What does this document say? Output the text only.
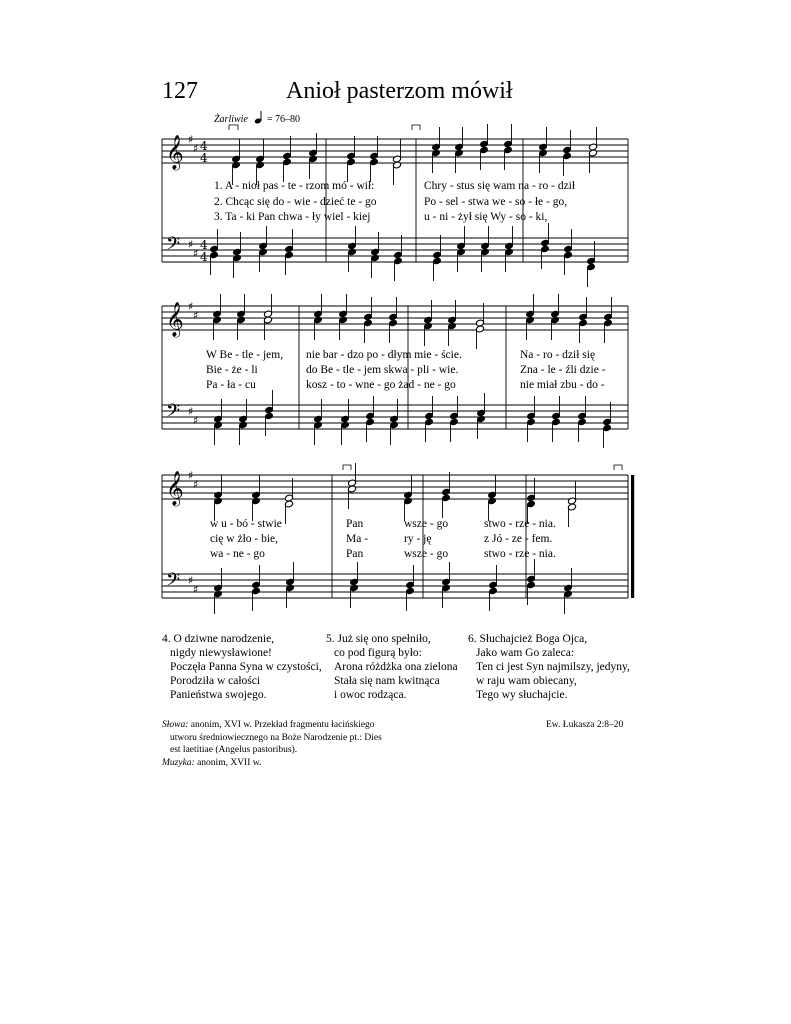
127	Anioł pasterzom mówił
Żarliwie = 76–80
𝄞
𝄢
♯
♯
♯
♯
4
4
4
4
𝄞
𝄢
♯
♯
♯
♯
𝄞
𝄢
♯
♯
♯
♯
1. A - nioł pas - te - rzom mó - wił:
2. Chcąc się do - wie - dzieć te - go
3. Ta - ki Pan chwa - ły wiel - kiej
Chry - stus się wam na - ro - dził
Po - sel - stwa we - so - łe - go,
u - ni - żył się Wy - so - ki,
W Be - tle - jem,
Bie - że - li
Pa - ła - cu
nie bar - dzo po - dłym mie - ście.
do Be - tle - jem skwa - pli - wie.
kosz - to - wne - go żad - ne - go
Na - ro - dził się
Zna - le - źli dzie -
nie miał zbu - do -
w u - bó - stwie
cię w żło - bie,
wa - ne - go
Pan
Ma -
Pan
wsze - go
ry - ję
wsze - go
stwo - rze - nia.
z Jó - ze - fem.
stwo - rze - nia.
4. O dziwne narodzenie,
nigdy niewysławione!
Poczęła Panna Syna w czystości,
Porodziła w całości
Panieństwa swojego.
5. Już się ono spełniło,
co pod figurą było:
Arona różdżka ona zielona
Stała się nam kwitnąca
i owoc rodząca.
6. Słuchajcież Boga Ojca,
Jako wam Go zaleca:
Ten ci jest Syn najmilszy, jedyny,
w raju wam obiecany,
Tego wy słuchajcie.
Słowa: anonim, XVI w. Przekład fragmentu łacińskiego
utworu średniowiecznego na Boże Narodzenie pt.: Dies
est laetitiae (Angelus pastoribus).
Muzyka: anonim, XVII w.
Ew. Łukasza 2:8–20
